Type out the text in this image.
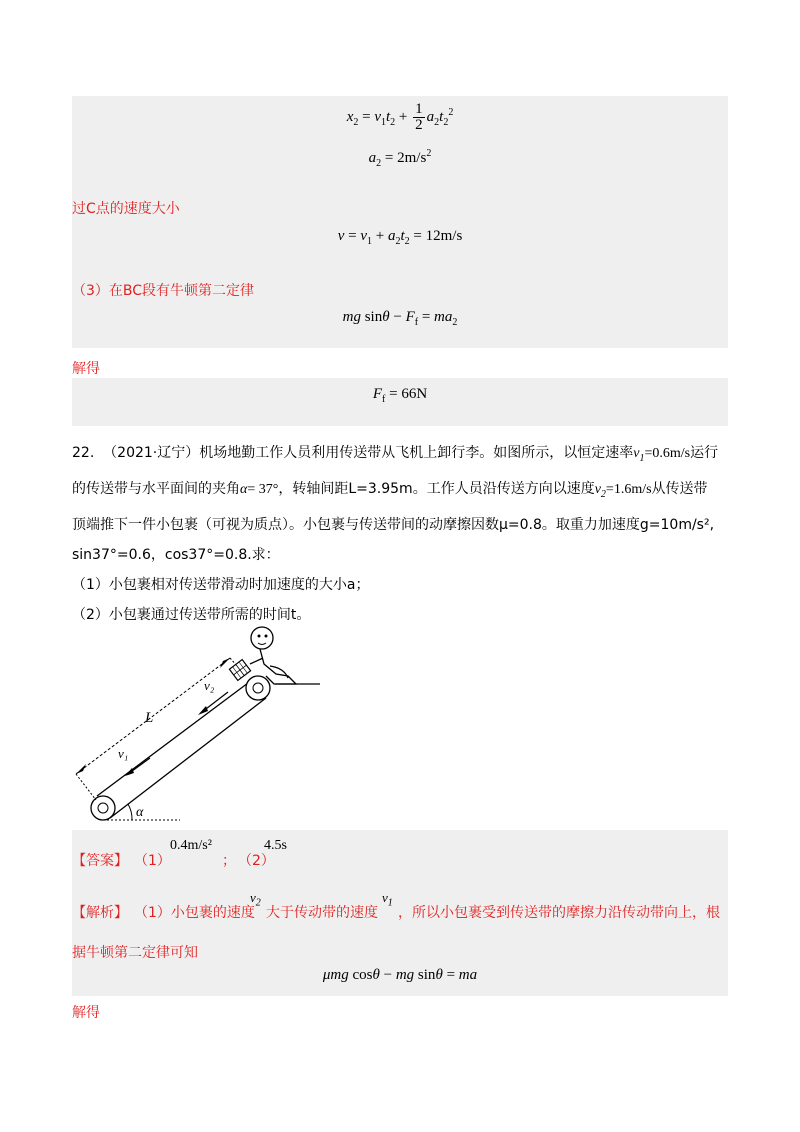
$x_2 = v_1t_2 + \frac{1}{2} a_2t_2^2$
$a_2 = 2m/s^2$
过C点的速度大小
$v = v_1 + a_2t_2 = 12m/s$
（3）在BC段有牛顿第二定律
mg $\sin\theta - F_f = ma_2$
解得
$F_f = 66N$
22. （2021·辽宁）机场地勤工作人员利用传送带从飞机上卸行李。如图所示，以恒定速率$v_1=0.6m/s$运行
的传送带与水平面间的夹角α= 37°，转轴间距L=3.95m。工作人员沿传送方向以速度$v_2=1.6m/s$从传送带
顶端推下一件小包裹（可视为质点）。小包裹与传送带间的动摩擦因数μ=0.8。取重力加速度g=10m/s²,
sin37°=0.6，cos37°=0.8.求：
（1）小包裹相对传送带滑动时加速度的大小a；
（2）小包裹通过传送带所需的时间t。
α
L
v₁
v₂
【答案】 （1）
0.4m/s²
； （2）
4.5s
【解析】 （1）小包裹的速度
$v_2$
大于传动带的速度
$v_1$
，所以小包裹受到传送带的摩擦力沿传动带向上，根
据牛顿第二定律可知
μmg cosθ − mg sinθ = ma
解得
